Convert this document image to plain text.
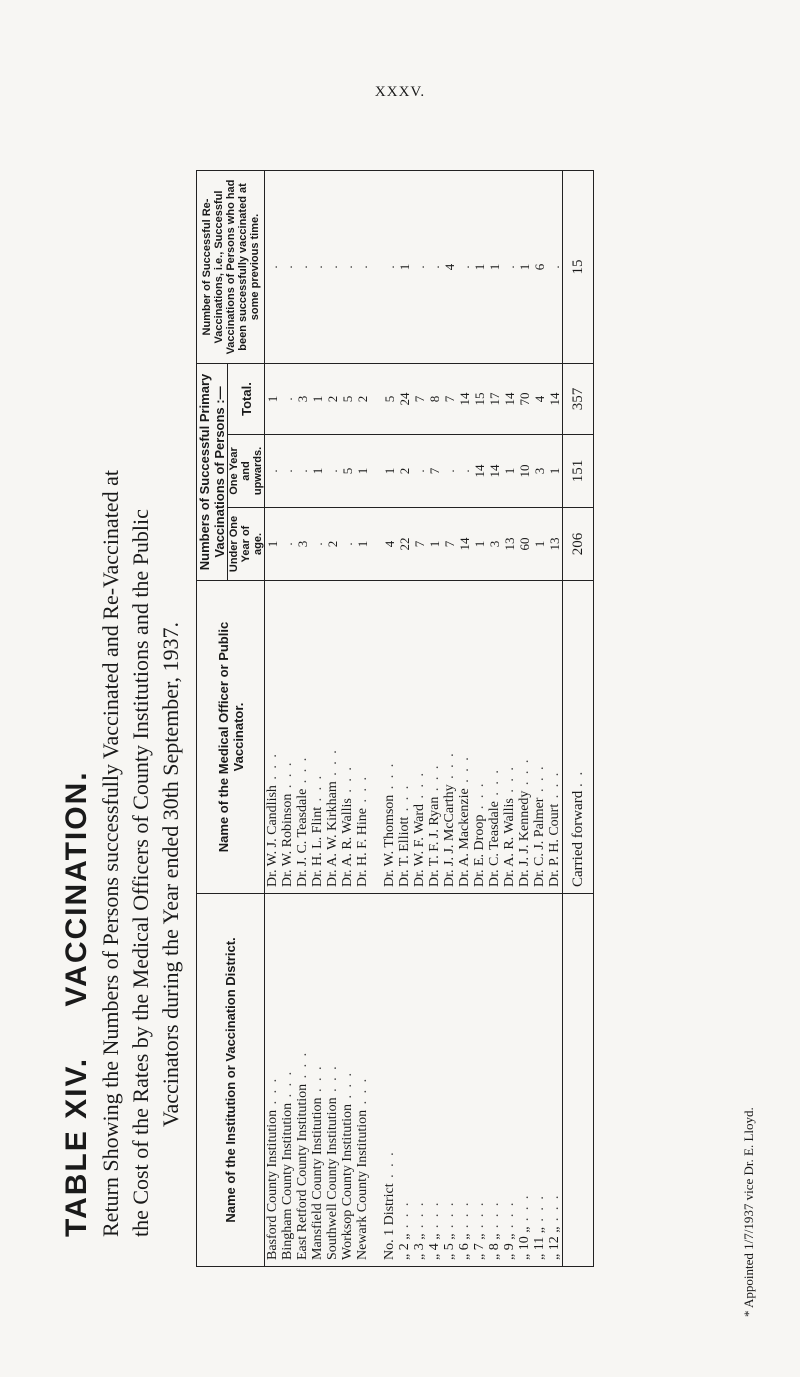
XXXV.
TABLE XIV. VACCINATION. Return Showing the Numbers of Persons successfully Vaccinated and Re-Vaccinated at the Cost of the Rates by the Medical Officers of County Institutions and the Public Vaccinators during the Year ended 30th September, 1937.	Name of the Institution or Vaccination District.	Name of the Medical Officer or Public Vaccinator.	Numbers of Successful Primary Vaccinations of Persons :—			Number of Successful Re-Vaccinations, i.e., Successful Vaccinations of Persons who had been successfully vaccinated at some previous time.
		Under One Year of age.	One Year and upwards.	Total.	
Basford County Institution . . .	Dr. W. J. Candlish . . .	1	.	1	.
Bingham County Institution . . .	Dr. W. Robinson . . .	.	.	.	.
East Retford County Institution . . .	Dr. J. C. Teasdale . . .	3	.	3	.
Mansfield County Institution . . .	Dr. H. L. Flint . . .	.	1	1	.
Southwell County Institution . . .	Dr. A. W. Kirkham . . .	2	.	2	.
Worksop County Institution . . .	Dr. A. R. Wallis . . .	.	5	5	.
Newark County Institution . . .	Dr. H. F. Hine . . .	1	1	2	.

No. 1 District . . .	Dr. W. Thomson . . .	4	1	5	.
„ 2 „ . . .	Dr. T. Elliott . . .	22	2	24	1
„ 3 „ . . .	Dr. W. F. Ward . . .	7	.	7	.
„ 4 „ . . .	Dr. T. F. J. Ryan . . .	1	7	8	.
„ 5 „ . . .	Dr. J. J. McCarthy . . .	7	.	7	4
„ 6 „ . . .	Dr. A. Mackenzie . . .	14	.	14	.
„ 7 „ . . .	Dr. E. Droop . . .	1	14	15	1
„ 8 „ . . .	Dr. C. Teasdale . . .	3	14	17	1
„ 9 „ . . .	Dr. A. R. Wallis . . .	13	1	14	.
„ 10 „ . . .	Dr. J. J. Kennedy . . .	60	10	70	1
„ 11 „ . . .	Dr. C. J. Palmer . . .	1	3	4	6
„ 12 „ . . .	Dr. P. H. Court . . .	13	1	14	.
	Carried forward . .	206	151	357	15
* Appointed 1/7/1937 vice Dr. E. Lloyd.
